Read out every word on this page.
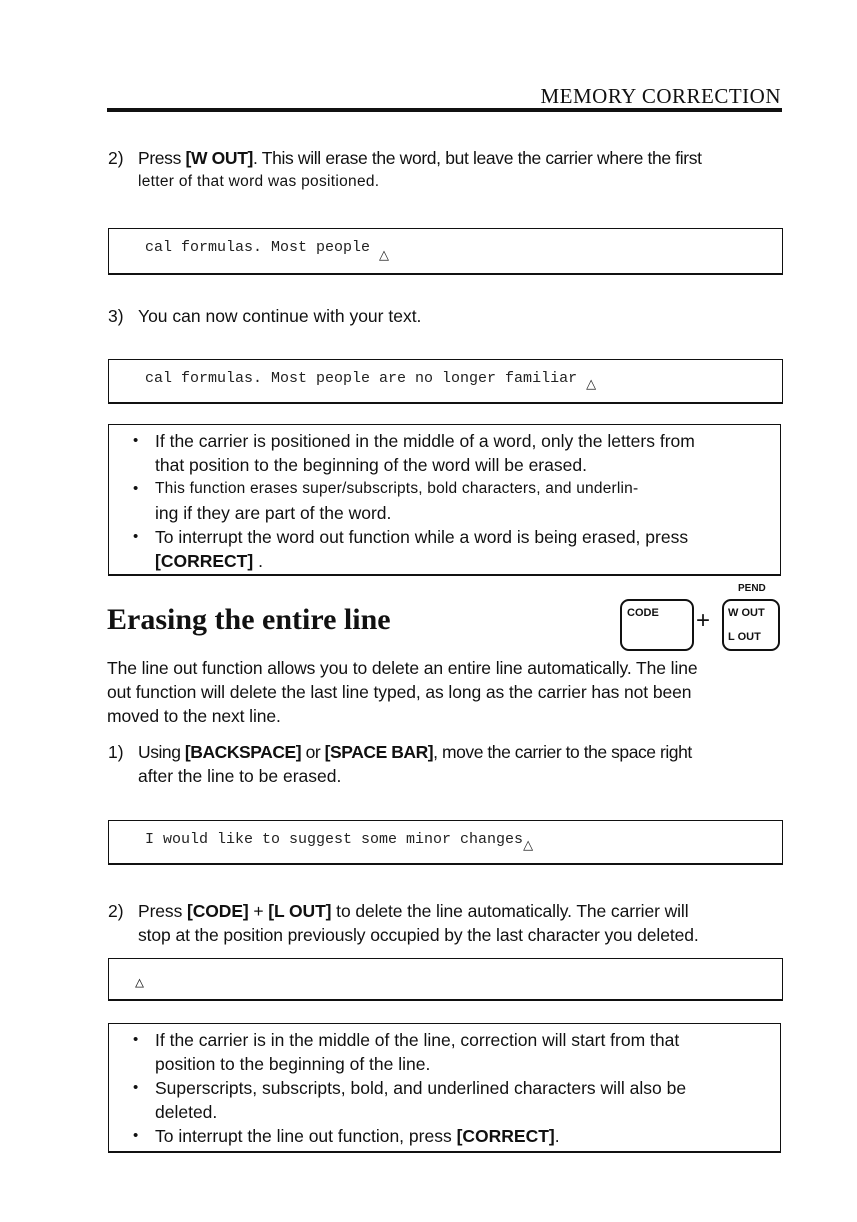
MEMORY CORRECTION
2) Press [W OUT]. This will erase the word, but leave the carrier where the first
letter of that word was positioned.
cal formulas. Most people △
3) You can now continue with your text.
cal formulas. Most people are no longer familiar △
• If the carrier is positioned in the middle of a word, only the letters from
that position to the beginning of the word will be erased.
• This function erases super/subscripts, bold characters, and underlin-
ing if they are part of the word.
• To interrupt the word out function while a word is being erased, press
[CORRECT] .
Erasing the entire line	CODE +
PEND
W OUT
L OUT
The line out function allows you to delete an entire line automatically. The line
out function will delete the last line typed, as long as the carrier has not been
moved to the next line.
1) Using [BACKSPACE] or [SPACE BAR], move the carrier to the space right
after the line to be erased.
I would like to suggest some minor changes△
2) Press [CODE] + [L OUT] to delete the line automatically. The carrier will
stop at the position previously occupied by the last character you deleted.
△
• If the carrier is in the middle of the line, correction will start from that
position to the beginning of the line.
• Superscripts, subscripts, bold, and underlined characters will also be
deleted.
• To interrupt the line out function, press [CORRECT].
